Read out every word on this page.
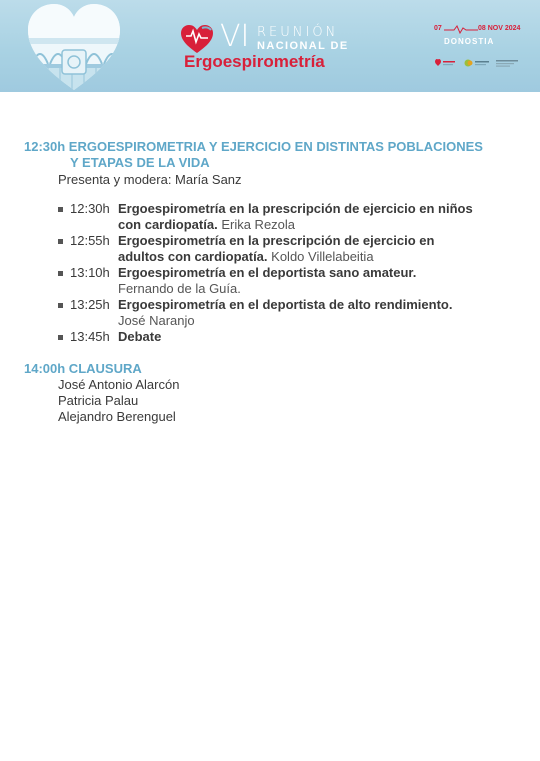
VI REUNIÓN
NACIONAL DE
Ergoespirometría
07	08 NOV 2024
DONOSTIA
12:30h ERGOESPIROMETRIA Y EJERCICIO EN DISTINTAS POBLACIONES
Y ETAPAS DE LA VIDA
Presenta y modera: María Sanz
12:30h Ergoespirometría en la prescripción de ejercicio en niños
con cardiopatía. Erika Rezola
12:55h Ergoespirometría en la prescripción de ejercicio en
adultos con cardiopatía. Koldo Villelabeitia
13:10h Ergoespirometría en el deportista sano amateur.
Fernando de la Guía.
13:25h Ergoespirometría en el deportista de alto rendimiento.
José Naranjo
13:45h Debate
14:00h CLAUSURA
José Antonio Alarcón
Patricia Palau
Alejandro Berenguel
